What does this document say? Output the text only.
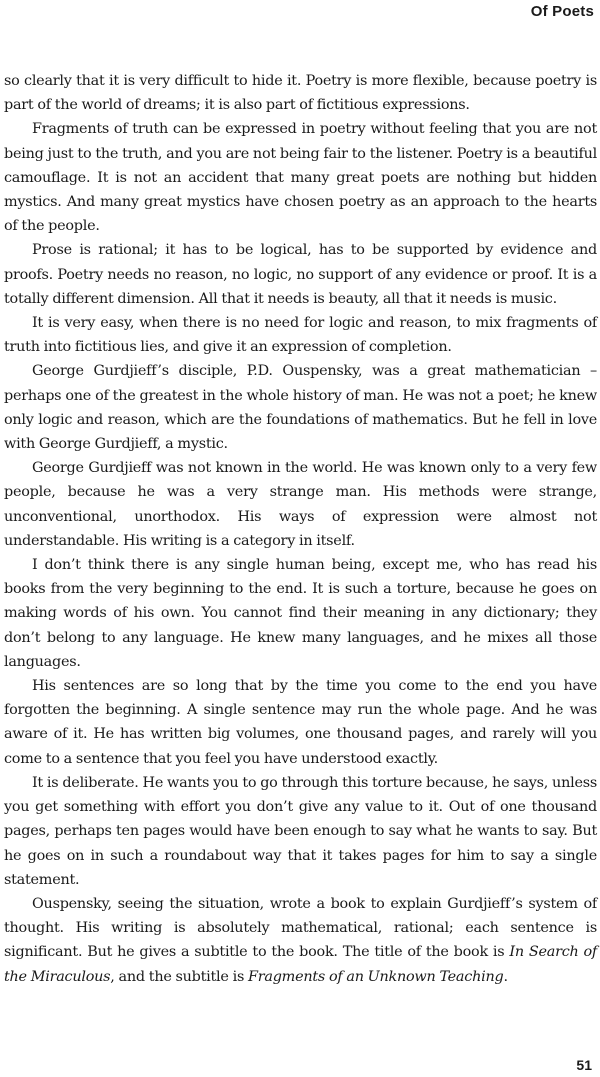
Of Poets

so clearly that it is very difficult to hide it. Poetry is more flexible, because poetry is part of the world of dreams; it is also part of fictitious expressions.

Fragments of truth can be expressed in poetry without feeling that you are not being just to the truth, and you are not being fair to the listener. Poetry is a beautiful camouflage. It is not an accident that many great poets are nothing but hidden mystics. And many great mystics have chosen poetry as an approach to the hearts of the people.

Prose is rational; it has to be logical, has to be supported by evidence and proofs. Poetry needs no reason, no logic, no support of any evidence or proof. It is a totally different dimension. All that it needs is beauty, all that it needs is music.

It is very easy, when there is no need for logic and reason, to mix fragments of truth into fictitious lies, and give it an expression of completion.

George Gurdjieff’s disciple, P.D. Ouspensky, was a great mathematician – perhaps one of the greatest in the whole history of man. He was not a poet; he knew only logic and reason, which are the foundations of mathematics. But he fell in love with George Gurdjieff, a mystic.

George Gurdjieff was not known in the world. He was known only to a very few people, because he was a very strange man. His methods were strange, unconventional, unorthodox. His ways of expression were almost not understandable. His writing is a category in itself.

I don’t think there is any single human being, except me, who has read his books from the very beginning to the end. It is such a torture, because he goes on making words of his own. You cannot find their meaning in any dictionary; they don’t belong to any language. He knew many languages, and he mixes all those languages.

His sentences are so long that by the time you come to the end you have forgotten the beginning. A single sentence may run the whole page. And he was aware of it. He has written big volumes, one thousand pages, and rarely will you come to a sentence that you feel you have understood exactly.

It is deliberate. He wants you to go through this torture because, he says, unless you get something with effort you don’t give any value to it. Out of one thousand pages, perhaps ten pages would have been enough to say what he wants to say. But he goes on in such a roundabout way that it takes pages for him to say a single statement.

Ouspensky, seeing the situation, wrote a book to explain Gurdjieff’s system of thought. His writing is absolutely mathematical, rational; each sentence is significant. But he gives a subtitle to the book. The title of the book is In Search of the Miraculous, and the subtitle is Fragments of an Unknown Teaching.

51
